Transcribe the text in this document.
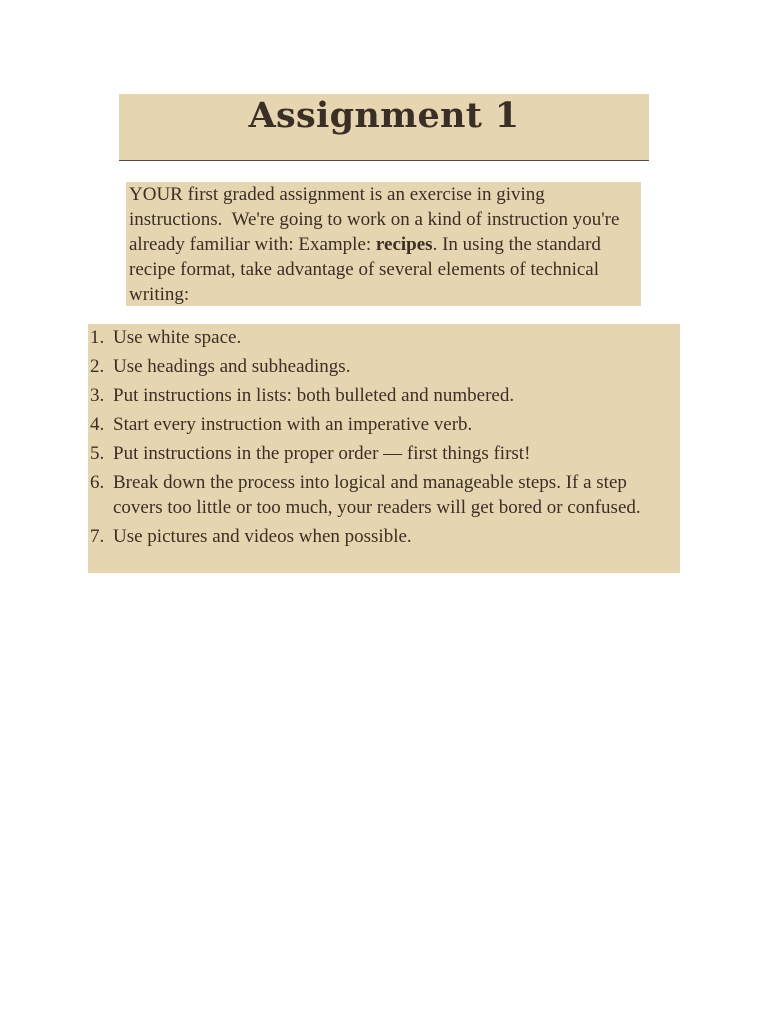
Assignment 1
YOUR first graded assignment is an exercise in giving instructions.  We're going to work on a kind of instruction you're already familiar with: Example: recipes. In using the standard recipe format, take advantage of several elements of technical writing:
1. Use white space.
2. Use headings and subheadings.
3. Put instructions in lists: both bulleted and numbered.
4. Start every instruction with an imperative verb.
5. Put instructions in the proper order — first things first!
6. Break down the process into logical and manageable steps. If a step covers too little or too much, your readers will get bored or confused.
7. Use pictures and videos when possible.
